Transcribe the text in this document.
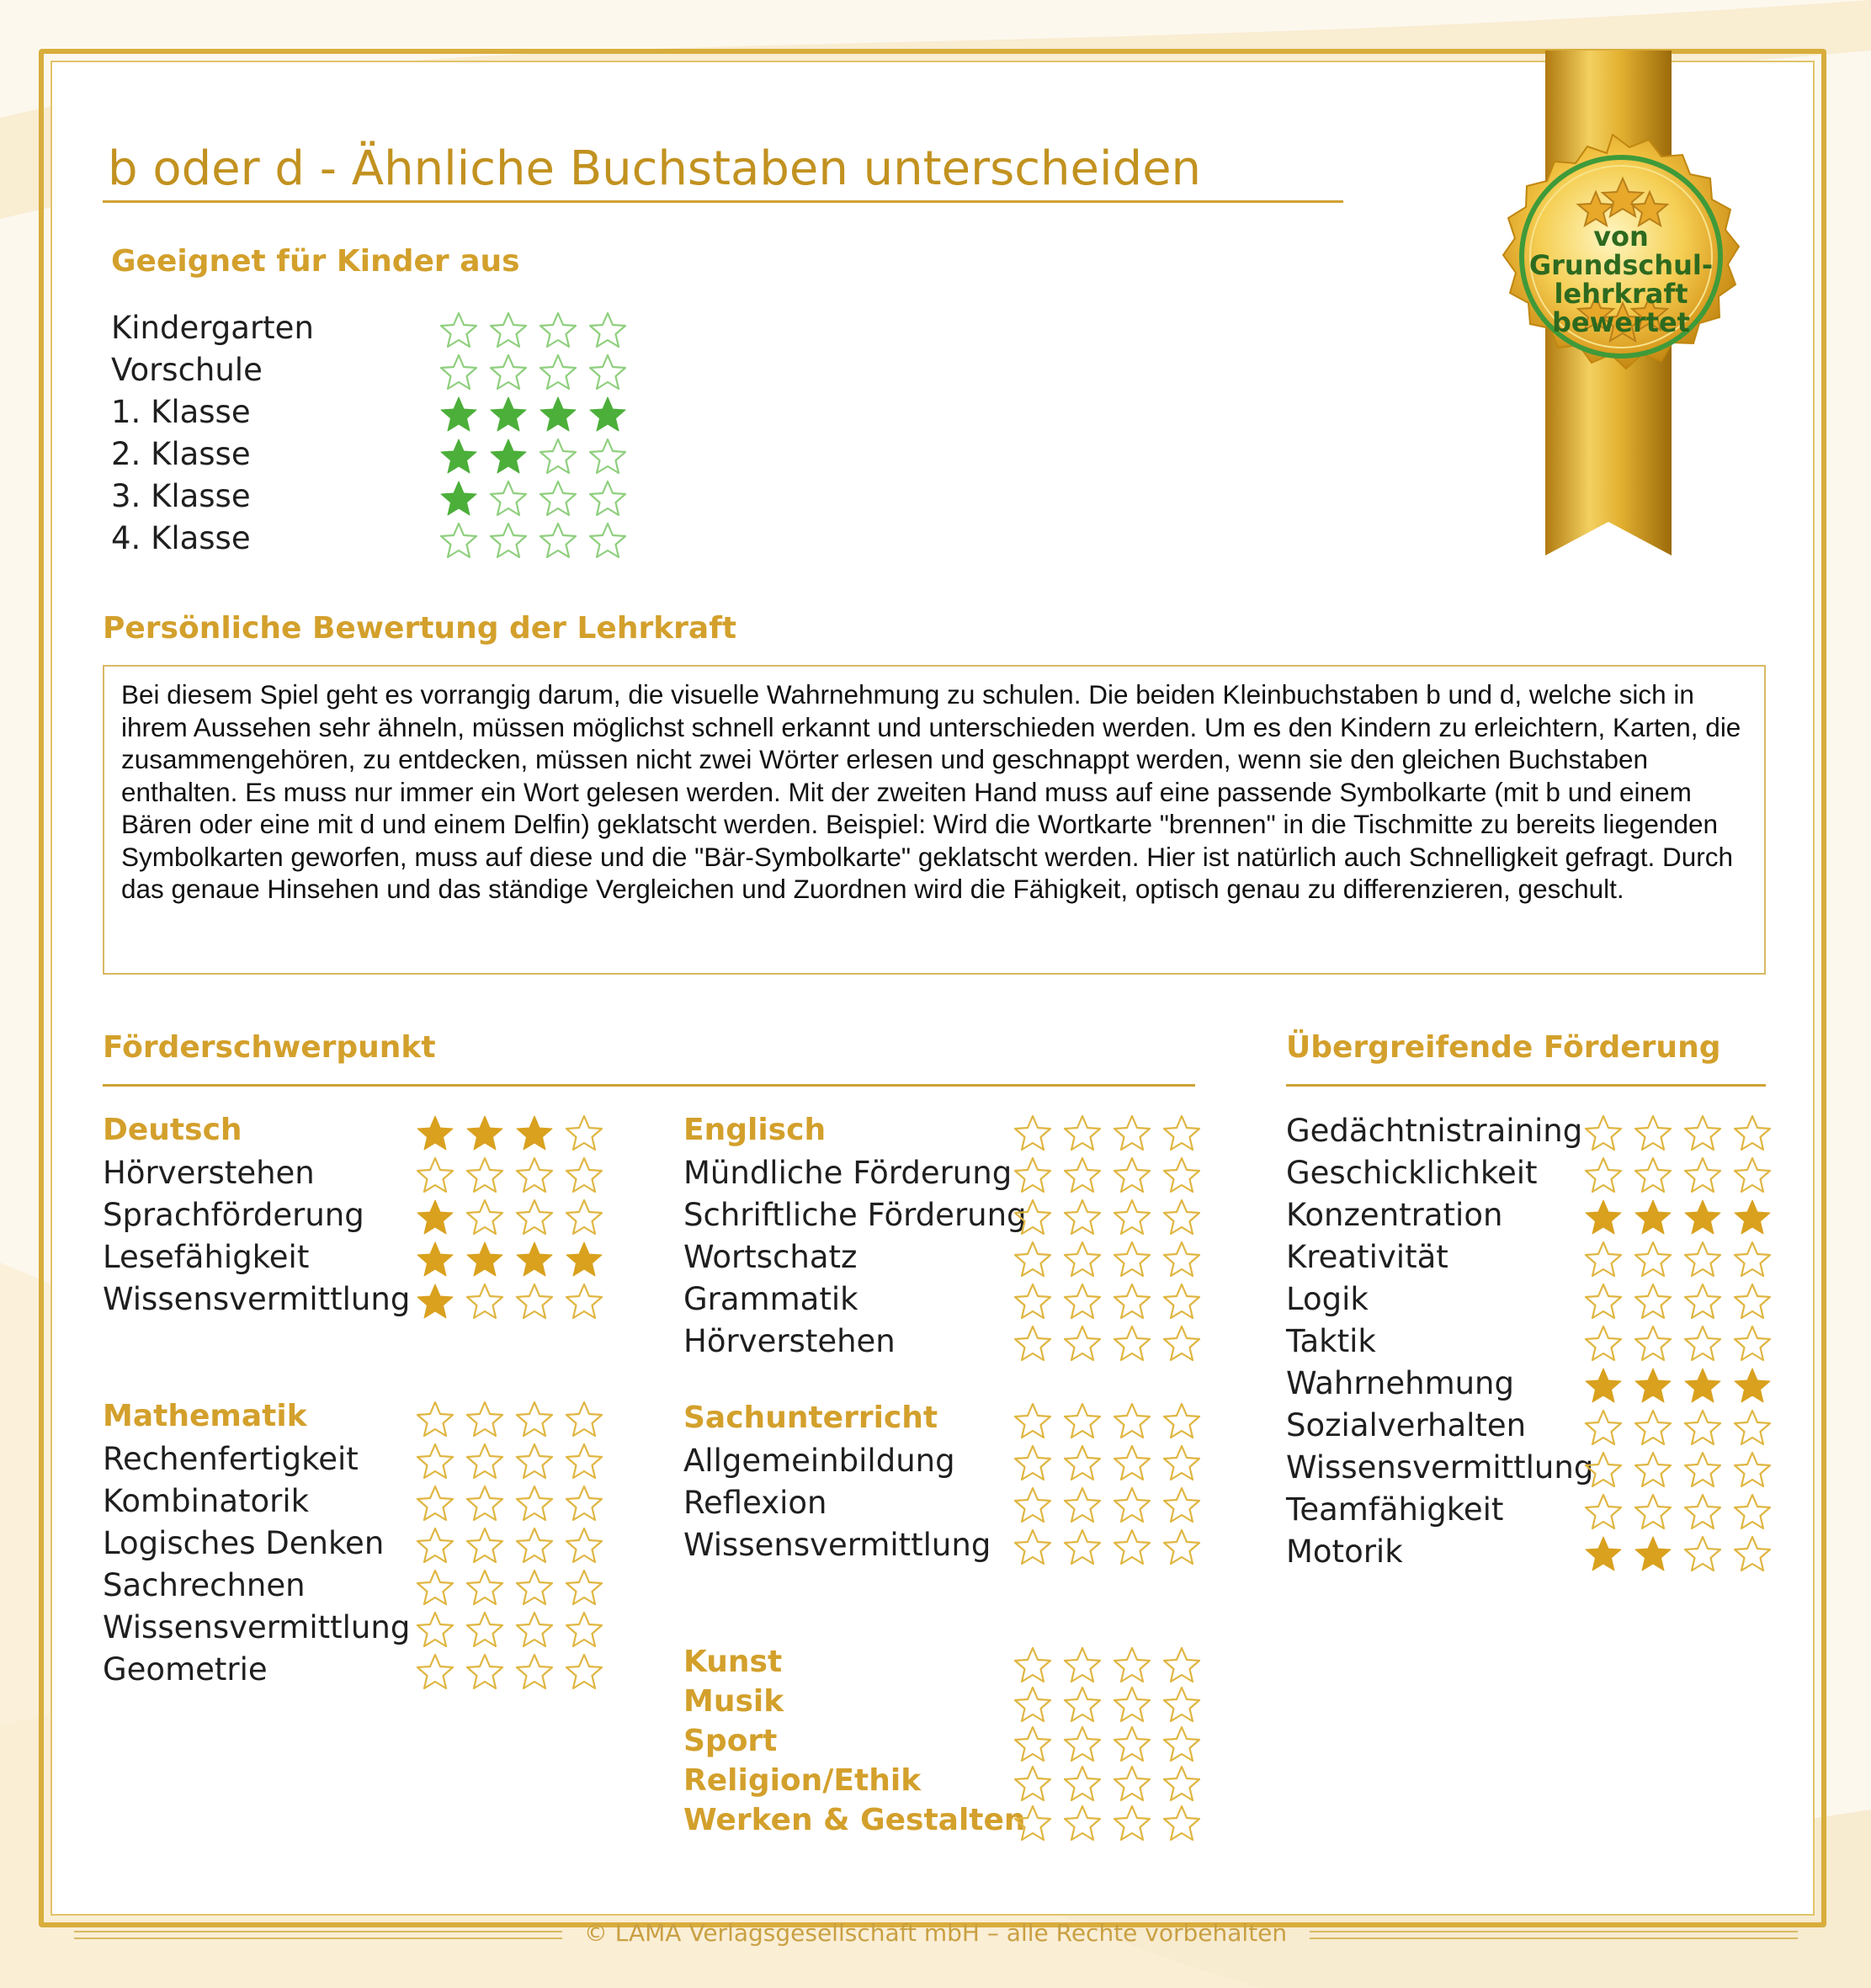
b oder d - Ähnliche Buchstaben unterscheiden
von
Grundschul-
lehrkraft
bewertet
Geeignet für Kinder aus
Kindergarten
Vorschule
1. Klasse
2. Klasse
3. Klasse
4. Klasse
Persönliche Bewertung der Lehrkraft

Bei diesem Spiel geht es vorrangig darum, die visuelle Wahrnehmung zu schulen. Die beiden Kleinbuchstaben b und d, welche sich in ihrem Aussehen sehr ähneln, müssen möglichst schnell erkannt und unterschieden werden. Um es den Kindern zu erleichtern, Karten, die zusammengehören, zu entdecken, müssen nicht zwei Wörter erlesen und geschnappt werden, wenn sie den gleichen Buchstaben enthalten. Es muss nur immer ein Wort gelesen werden. Mit der zweiten Hand muss auf eine passende Symbolkarte (mit b und einem Bären oder eine mit d und einem Delfin) geklatscht werden. Beispiel: Wird die Wortkarte "brennen" in die Tischmitte zu bereits liegenden Symbolkarten geworfen, muss auf diese und die "Bär-Symbolkarte" geklatscht werden. Hier ist natürlich auch Schnelligkeit gefragt. Durch das genaue Hinsehen und das ständige Vergleichen und Zuordnen wird die Fähigkeit, optisch genau zu differenzieren, geschult.

Förderschwerpunkt	Übergreifende Förderung
Deutsch
Hörverstehen
Sprachförderung
Lesefähigkeit
Wissensvermittlung
Mathematik
Rechenfertigkeit
Kombinatorik
Logisches Denken
Sachrechnen
Wissensvermittlung
Geometrie
Englisch
Mündliche Förderung
Schriftliche Förderung
Wortschatz
Grammatik
Hörverstehen
Sachunterricht
Allgemeinbildung
Reflexion
Wissensvermittlung
Kunst
Musik
Sport
Religion/Ethik
Werken & Gestalten
Gedächtnistraining
Geschicklichkeit
Konzentration
Kreativität
Logik
Taktik
Wahrnehmung
Sozialverhalten
Wissensvermittlung
Teamfähigkeit
Motorik
© LAMA Verlagsgesellschaft mbH – alle Rechte vorbehalten
